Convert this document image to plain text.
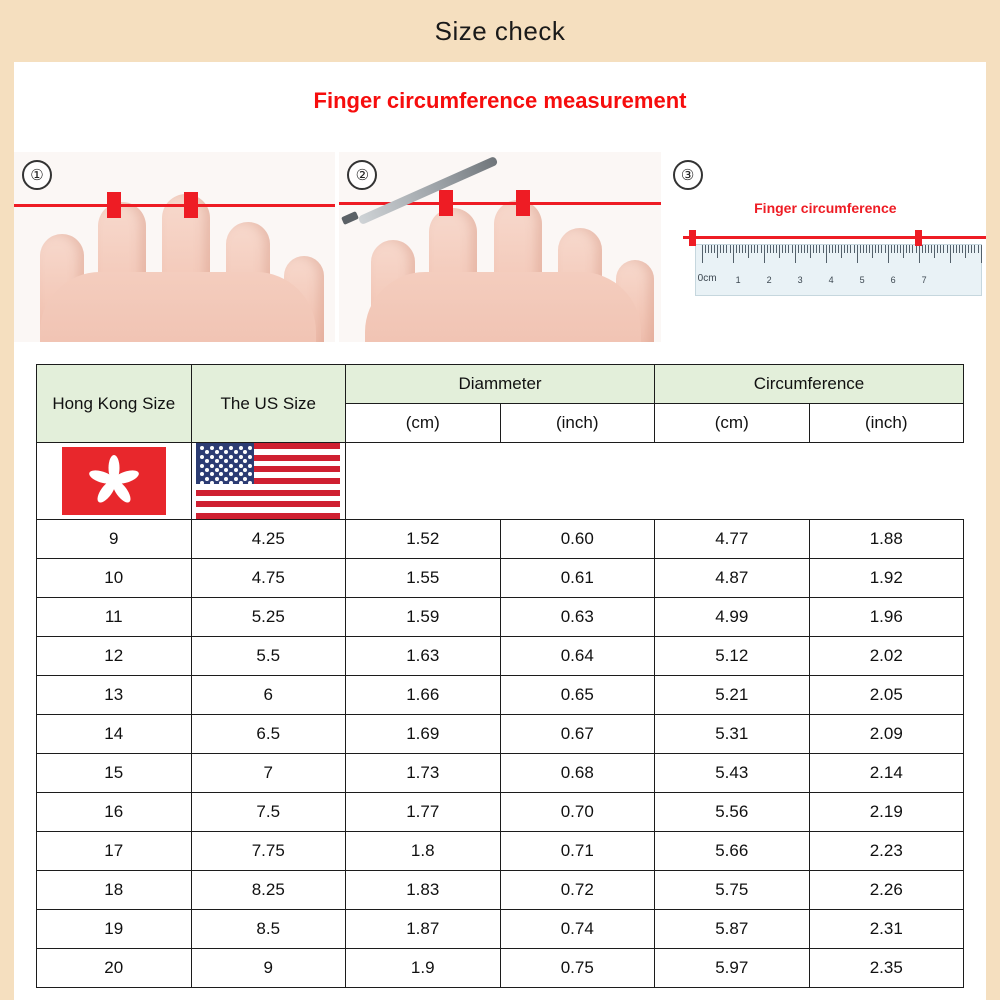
Size check
Finger circumference measurement
①	②
Finger circumference
0cm 1	2	3	4	5	6	7
③
Hong Kong Size	The US Size	Diammeter		Circumference	
		(cm)	(inch)	(cm)	(inch)

9	4.25	1.52	0.60	4.77	1.88
10	4.75	1.55	0.61	4.87	1.92
11	5.25	1.59	0.63	4.99	1.96
12	5.5	1.63	0.64	5.12	2.02
13	6	1.66	0.65	5.21	2.05
14	6.5	1.69	0.67	5.31	2.09
15	7	1.73	0.68	5.43	2.14
16	7.5	1.77	0.70	5.56	2.19
17	7.75	1.8	0.71	5.66	2.23
18	8.25	1.83	0.72	5.75	2.26
19	8.5	1.87	0.74	5.87	2.31
20	9	1.9	0.75	5.97	2.35
